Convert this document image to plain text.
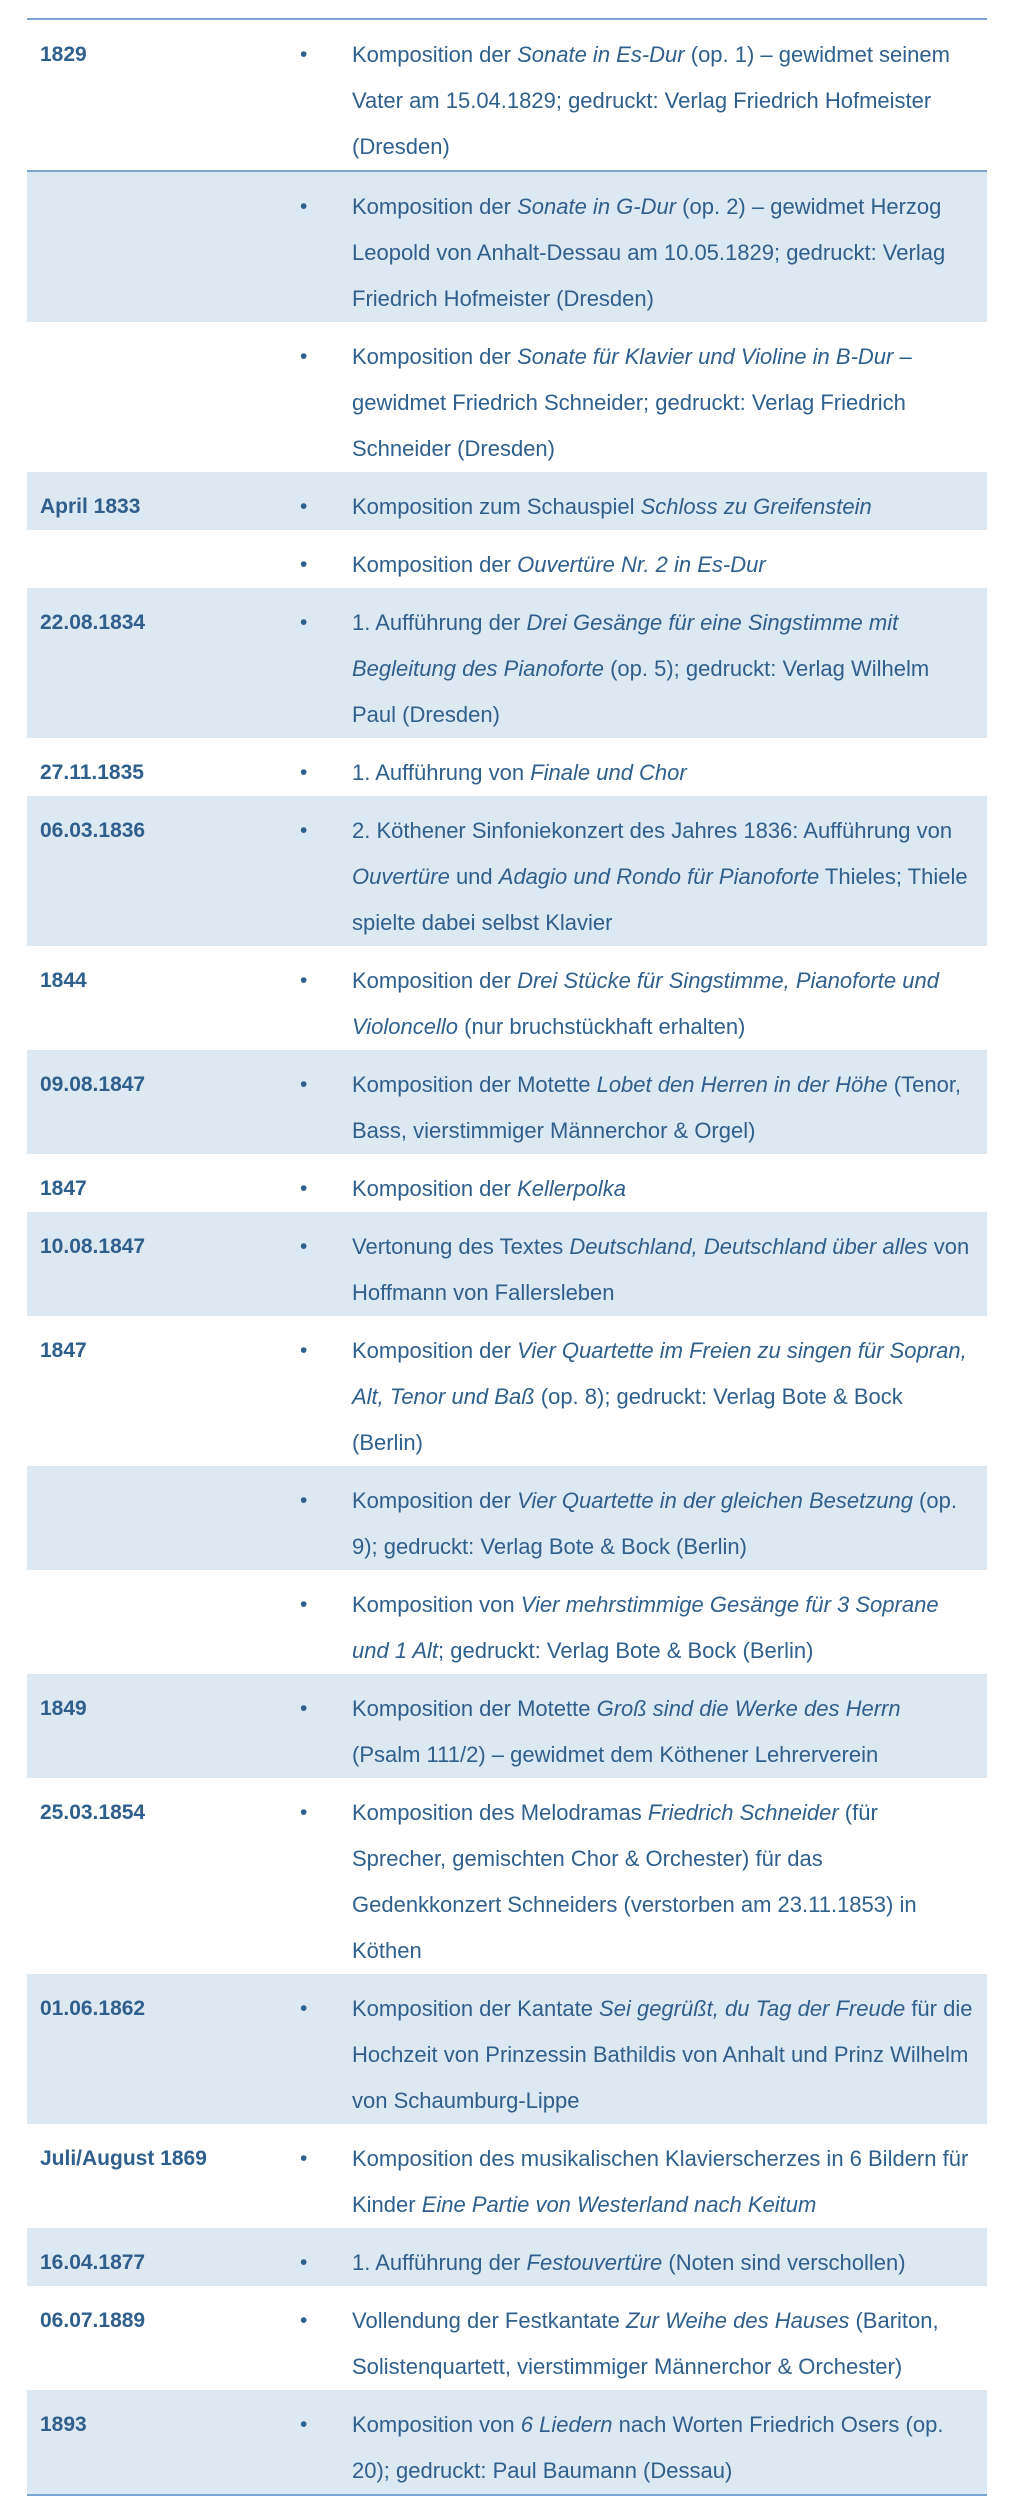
1829	•	Komposition der Sonate in Es-Dur (op. 1) – gewidmet seinem
Vater am 15.04.1829; gedruckt: Verlag Friedrich Hofmeister
(Dresden)
•	Komposition der Sonate in G-Dur (op. 2) – gewidmet Herzog
Leopold von Anhalt-Dessau am 10.05.1829; gedruckt: Verlag
Friedrich Hofmeister (Dresden)
•	Komposition der Sonate für Klavier und Violine in B-Dur –
gewidmet Friedrich Schneider; gedruckt: Verlag Friedrich
Schneider (Dresden)
April 1833	•	Komposition zum Schauspiel Schloss zu Greifenstein
•	Komposition der Ouvertüre Nr. 2 in Es-Dur
22.08.1834	•	1. Aufführung der Drei Gesänge für eine Singstimme mit
Begleitung des Pianoforte (op. 5); gedruckt: Verlag Wilhelm
Paul (Dresden)
27.11.1835	•	1. Aufführung von Finale und Chor
06.03.1836	•	2. Köthener Sinfoniekonzert des Jahres 1836: Aufführung von
Ouvertüre und Adagio und Rondo für Pianoforte Thieles; Thiele
spielte dabei selbst Klavier
1844	•	Komposition der Drei Stücke für Singstimme, Pianoforte und
Violoncello (nur bruchstückhaft erhalten)
09.08.1847	•	Komposition der Motette Lobet den Herren in der Höhe (Tenor,
Bass, vierstimmiger Männerchor & Orgel)
1847	•	Komposition der Kellerpolka
10.08.1847	•	Vertonung des Textes Deutschland, Deutschland über alles von
Hoffmann von Fallersleben
1847	•	Komposition der Vier Quartette im Freien zu singen für Sopran,
Alt, Tenor und Baß (op. 8); gedruckt: Verlag Bote & Bock
(Berlin)
•	Komposition der Vier Quartette in der gleichen Besetzung (op.
9); gedruckt: Verlag Bote & Bock (Berlin)
•	Komposition von Vier mehrstimmige Gesänge für 3 Soprane
und 1 Alt; gedruckt: Verlag Bote & Bock (Berlin)
1849	•	Komposition der Motette Groß sind die Werke des Herrn
(Psalm 111/2) – gewidmet dem Köthener Lehrerverein
25.03.1854	•	Komposition des Melodramas Friedrich Schneider (für
Sprecher, gemischten Chor & Orchester) für das
Gedenkkonzert Schneiders (verstorben am 23.11.1853) in
Köthen
01.06.1862	•	Komposition der Kantate Sei gegrüßt, du Tag der Freude für die
Hochzeit von Prinzessin Bathildis von Anhalt und Prinz Wilhelm
von Schaumburg-Lippe
Juli/August 1869	•	Komposition des musikalischen Klavierscherzes in 6 Bildern für
Kinder Eine Partie von Westerland nach Keitum
16.04.1877	•	1. Aufführung der Festouvertüre (Noten sind verschollen)
06.07.1889	•	Vollendung der Festkantate Zur Weihe des Hauses (Bariton,
Solistenquartett, vierstimmiger Männerchor & Orchester)
1893	•	Komposition von 6 Liedern nach Worten Friedrich Osers (op.
20); gedruckt: Paul Baumann (Dessau)
